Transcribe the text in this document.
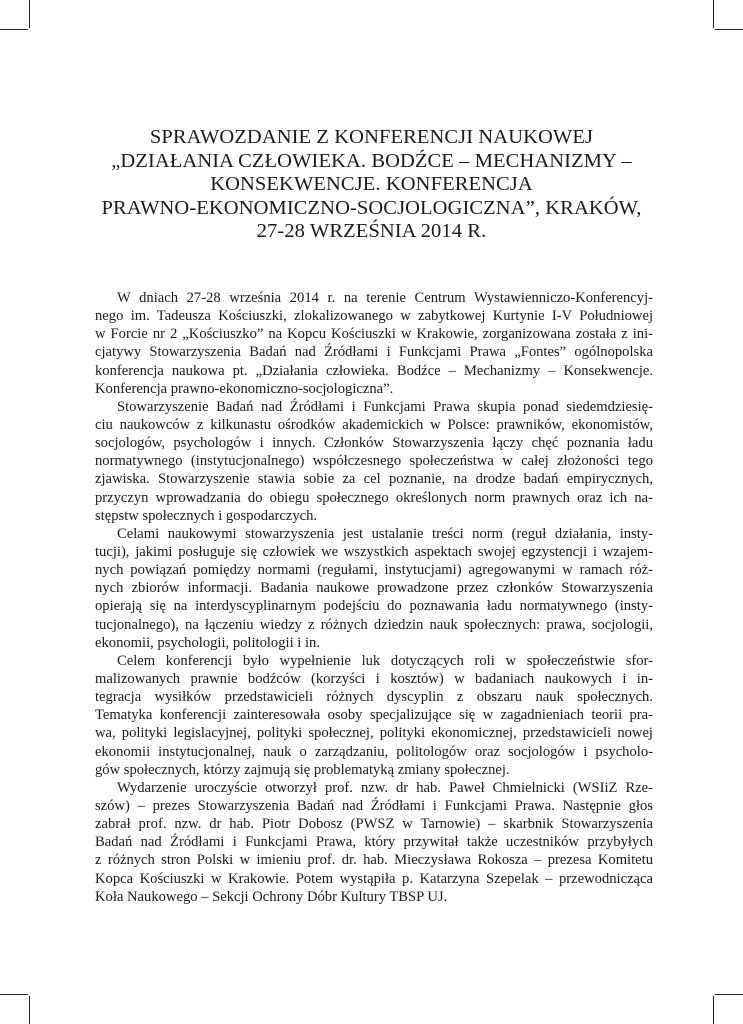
SPRAWOZDANIE Z KONFERENCJI NAUKOWEJ
„DZIAŁANIA CZŁOWIEKA. BODŹCE – MECHANIZMY –
KONSEKWENCJE. KONFERENCJA
PRAWNO-EKONOMICZNO-SOCJOLOGICZNA”, KRAKÓW,
27-28 WRZEŚNIA 2014 R.
W dniach 27-28 września 2014 r. na terenie Centrum Wystawienniczo-Konferencyj-
nego im. Tadeusza Kościuszki, zlokalizowanego w zabytkowej Kurtynie I-V Południowej
w Forcie nr 2 „Kościuszko” na Kopcu Kościuszki w Krakowie, zorganizowana została z ini-
cjatywy Stowarzyszenia Badań nad Źródłami i Funkcjami Prawa „Fontes” ogólnopolska
konferencja naukowa pt. „Działania człowieka. Bodźce – Mechanizmy – Konsekwencje.
Konferencja prawno-ekonomiczno-socjologiczna”.
Stowarzyszenie Badań nad Źródłami i Funkcjami Prawa skupia ponad siedemdziesię-
ciu naukowców z kilkunastu ośrodków akademickich w Polsce: prawników, ekonomistów,
socjologów, psychologów i innych. Członków Stowarzyszenia łączy chęć poznania ładu
normatywnego (instytucjonalnego) współczesnego społeczeństwa w całej złożoności tego
zjawiska. Stowarzyszenie stawia sobie za cel poznanie, na drodze badań empirycznych,
przyczyn wprowadzania do obiegu społecznego określonych norm prawnych oraz ich na-
stępstw społecznych i gospodarczych.
Celami naukowymi stowarzyszenia jest ustalanie treści norm (reguł działania, insty-
tucji), jakimi posługuje się człowiek we wszystkich aspektach swojej egzystencji i wzajem-
nych powiązań pomiędzy normami (regułami, instytucjami) agregowanymi w ramach róż-
nych zbiorów informacji. Badania naukowe prowadzone przez członków Stowarzyszenia
opierają się na interdyscyplinarnym podejściu do poznawania ładu normatywnego (insty-
tucjonalnego), na łączeniu wiedzy z różnych dziedzin nauk społecznych: prawa, socjologii,
ekonomii, psychologii, politologii i in.
Celem konferencji było wypełnienie luk dotyczących roli w społeczeństwie sfor-
malizowanych prawnie bodźców (korzyści i kosztów) w badaniach naukowych i in-
tegracja wysiłków przedstawicieli różnych dyscyplin z obszaru nauk społecznych.
Tematyka konferencji zainteresowała osoby specjalizujące się w zagadnieniach teorii pra-
wa, polityki legislacyjnej, polityki społecznej, polityki ekonomicznej, przedstawicieli nowej
ekonomii instytucjonalnej, nauk o zarządzaniu, politologów oraz socjologów i psycholo-
gów społecznych, którzy zajmują się problematyką zmiany społecznej.
Wydarzenie uroczyście otworzył prof. nzw. dr hab. Paweł Chmielnicki (WSIiZ Rze-
szów) – prezes Stowarzyszenia Badań nad Źródłami i Funkcjami Prawa. Następnie głos
zabrał prof. nzw. dr hab. Piotr Dobosz (PWSZ w Tarnowie) – skarbnik Stowarzyszenia
Badań nad Źródłami i Funkcjami Prawa, który przywitał także uczestników przybyłych
z różnych stron Polski w imieniu prof. dr. hab. Mieczysława Rokosza – prezesa Komitetu
Kopca Kościuszki w Krakowie. Potem wystąpiła p. Katarzyna Szepelak – przewodnicząca
Koła Naukowego – Sekcji Ochrony Dóbr Kultury TBSP UJ.
